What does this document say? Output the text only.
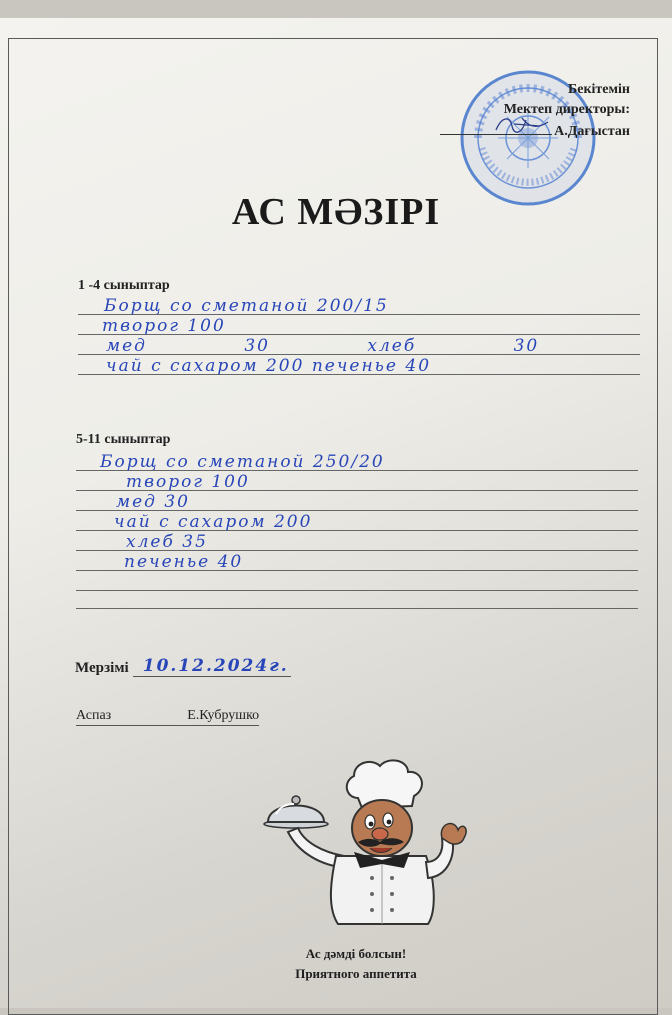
Бекітемін
Мектеп директоры:
А.Дағыстан
АС МӘЗІРІ
1 -4 сыныптар
Борщ со сметаной 200/15
творог 100
мед 30 хлеб 30
чай с сахаром 200 печенье 40
5-11 сыныптар
Борщ со сметаной 250/20
творог 100
мед 30
чай с сахаром 200
хлеб 35
печенье 40
Мерзімі 10.12.2024г.
Аспаз	Е.Кубрушко
Ас дәмді болсын!
Приятного аппетита
